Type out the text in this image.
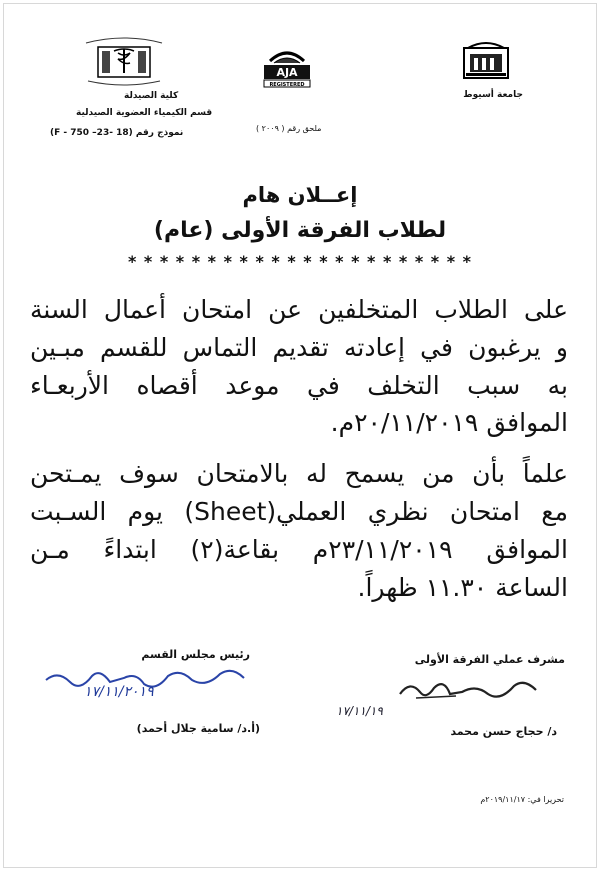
جامعة أسيوط
AJA
REGISTERED
ملحق رقم ( ٢٠٠٩ )
كلية الصيدلة
قسم الكيمياء العضوية الصيدلية
(F - 750 –23- 18) نموذج رقم
إعــلان هام
لطلاب الفرقة الأولى (عام)
* * * * * * * * * * * * * * * * * * * * * *
على الطلاب المتخلفين عن امتحان أعمال السنة
و يرغبون في إعادته تقديم التماس للقسم مبـين
به سبب التخلف في موعد أقصاه الأربعـاء
الموافق ٢٠/١١/٢٠١٩م.
علماً بأن من يسمح له بالامتحان سوف يمـتحن
مع امتحان نظري العملي(Sheet) يوم السـبت
الموافق ٢٣/١١/٢٠١٩م بقاعة(٢) ابتداءً مـن
الساعة ١١.٣٠ ظهراً.
مشرف عملي الفرقة الأولى
رئيس مجلس القسم
١٧/١١/١٩
١٧/١١/٢٠١٩
د/ حجاج حسن محمد
(أ.د/ سامية جلال أحمد)
تحريرا في: ٢٠١٩/١١/١٧م
